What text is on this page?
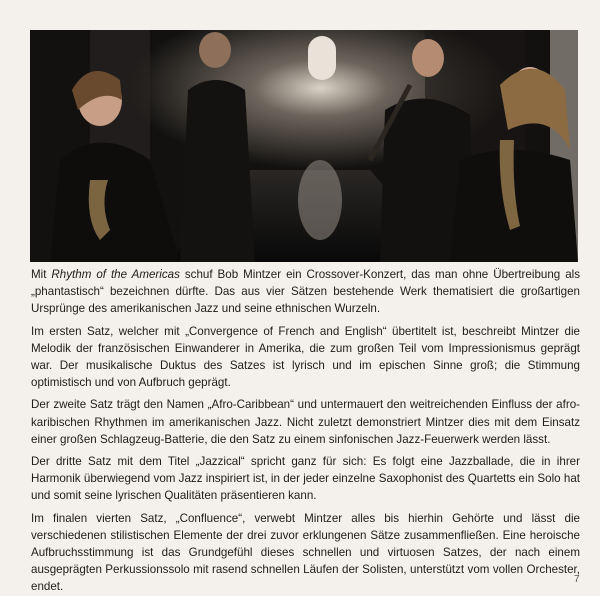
Mit Rhythm of the Americas schuf Bob Mintzer ein Crossover-Konzert, das man ohne Übertreibung als „phantastisch“ bezeichnen dürfte. Das aus vier Sätzen bestehende Werk thematisiert die großartigen Ursprünge des amerikanischen Jazz und seine ethnischen Wurzeln.

Im ersten Satz, welcher mit „Convergence of French and English“ übertitelt ist, beschreibt Mintzer die Melodik der französischen Einwanderer in Amerika, die zum großen Teil vom Impressionismus geprägt war. Der musikalische Duktus des Satzes ist lyrisch und im epischen Sinne groß; die Stimmung optimistisch und von Aufbruch geprägt.

Der zweite Satz trägt den Namen „Afro-Caribbean“ und untermauert den weitreichenden Einfluss der afro-karibischen Rhythmen im amerikanischen Jazz. Nicht zuletzt demonstriert Mintzer dies mit dem Einsatz einer großen Schlagzeug-Batterie, die den Satz zu einem sinfonischen Jazz-Feuerwerk werden lässt.

Der dritte Satz mit dem Titel „Jazzical“ spricht ganz für sich: Es folgt eine Jazzballade, die in ihrer Harmonik überwiegend vom Jazz inspiriert ist, in der jeder einzelne Saxophonist des Quartetts ein Solo hat und somit seine lyrischen Qualitäten präsentieren kann.

Im finalen vierten Satz, „Confluence“, verwebt Mintzer alles bis hierhin Gehörte und lässt die verschiedenen stilistischen Elemente der drei zuvor erklungenen Sätze zusammenfließen. Eine heroische Aufbruchsstimmung ist das Grundgefühl dieses schnellen und virtuosen Satzes, der nach einem ausgeprägten Perkussionssolo mit rasend schnellen Läufen der Solisten, unterstützt vom vollen Orchester, endet.

7
